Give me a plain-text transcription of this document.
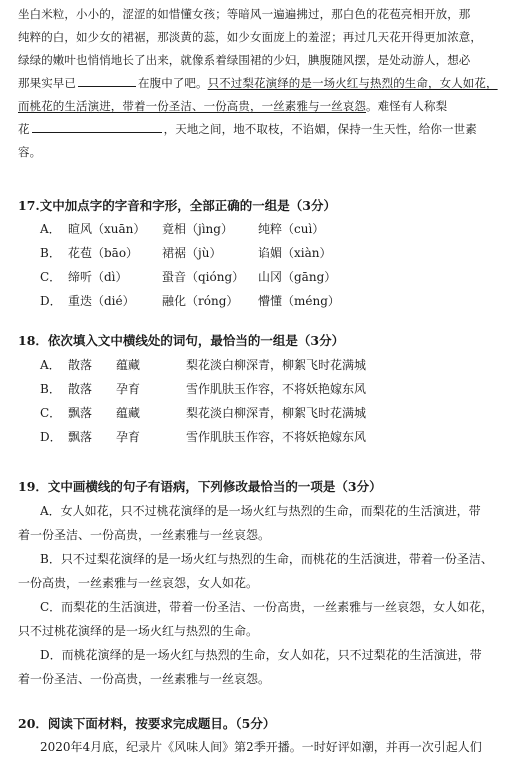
坐白米粒，小小的，涩涩的如惜懂女孩；等暗风一遍遍拂过，那白色的花苞亮相开放，那
纯粹的白，如少女的裙裾，那淡黄的蕊，如少女面庞上的羞涩；再过几天花开得更加浓意，
绿绿的嫩叶也悄悄地长了出来，就像系着绿围裙的少妇，腆腹随风摆，是处动游人，想必
那果实早已	在腹中了吧。只不过梨花演绎的是一场火红与热烈的生命，女人如花，
而桃花的生活演进，带着一份圣洁、一份高贵，一丝素雅与一丝哀怨。难怪有人称梨
花	，天地之间，地不取枝，不谄媚，保持一生天性，给你一世素
容。
17.文中加点字的字音和字形，全部正确的一组是（3分）
A． 暄风（xuān） 竟相（jìng） 纯粹（cuì）
B． 花苞（bāo） 裙裾（jù）	谄媚（xiàn）
C． 缔听（dì）	蛩音（qióng） 山冈（gāng）
D． 重迭（dié） 融化（róng） 懵懂（méng）
18．依次填入文中横线处的词句，最恰当的一组是（3分）
A． 散落 蕴藏	梨花淡白柳深青，柳絮飞时花满城
B． 散落 孕育	雪作肌肤玉作容，不将妖艳嫁东风
C． 飘落 蕴藏	梨花淡白柳深青，柳絮飞时花满城
D． 飘落 孕育	雪作肌肤玉作容，不将妖艳嫁东风
19．文中画横线的句子有语病，下列修改最恰当的一项是（3分）
A．女人如花，只不过桃花演绎的是一场火红与热烈的生命，而梨花的生活演进，带
着一份圣洁、一份高贵，一丝素雅与一丝哀怨。
B．只不过梨花演绎的是一场火红与热烈的生命，而桃花的生活演进，带着一份圣洁、
一份高贵，一丝素雅与一丝哀怨，女人如花。
C．而梨花的生活演进，带着一份圣洁、一份高贵，一丝素雅与一丝哀怨，女人如花，
只不过桃花演绎的是一场火红与热烈的生命。
D．而桃花演绎的是一场火红与热烈的生命，女人如花，只不过梨花的生活演进，带
着一份圣洁、一份高贵，一丝素雅与一丝哀怨。
20．阅读下面材料，按要求完成题目。（5分）
2020年4月底，纪录片《风味人间》第2季开播。一时好评如潮，并再一次引起人们
